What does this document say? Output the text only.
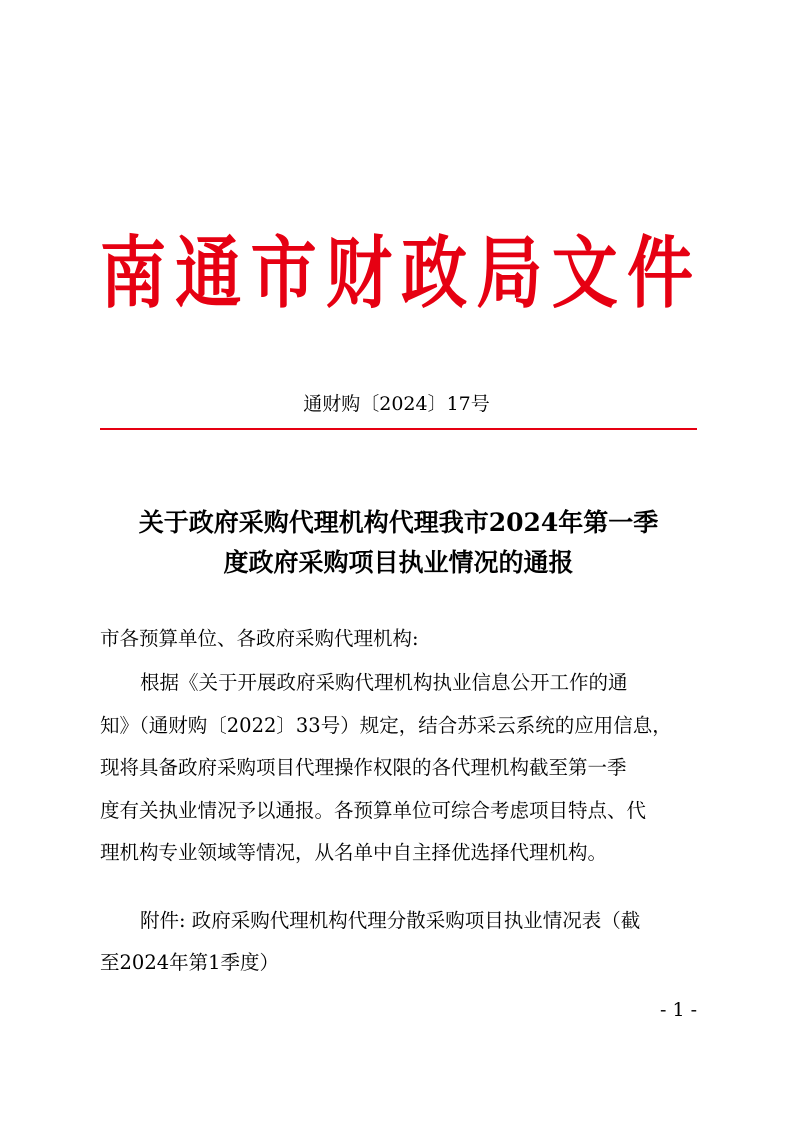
南 通 市 财 政 局 文 件
通财购〔2024〕17号
关于政府采购代理机构代理我市2024年第一季
度政府采购项目执业情况的通报
市各预算单位、各政府采购代理机构:
根据《关于开展政府采购代理机构执业信息公开工作的通
知》（通财购〔2022〕33号）规定，结合苏采云系统的应用信息，
现将具备政府采购项目代理操作权限的各代理机构截至第一季
度有关执业情况予以通报。各预算单位可综合考虑项目特点、代
理机构专业领域等情况，从名单中自主择优选择代理机构。
附件: 政府采购代理机构代理分散采购项目执业情况表（截
至2024年第1季度）
- 1 -
